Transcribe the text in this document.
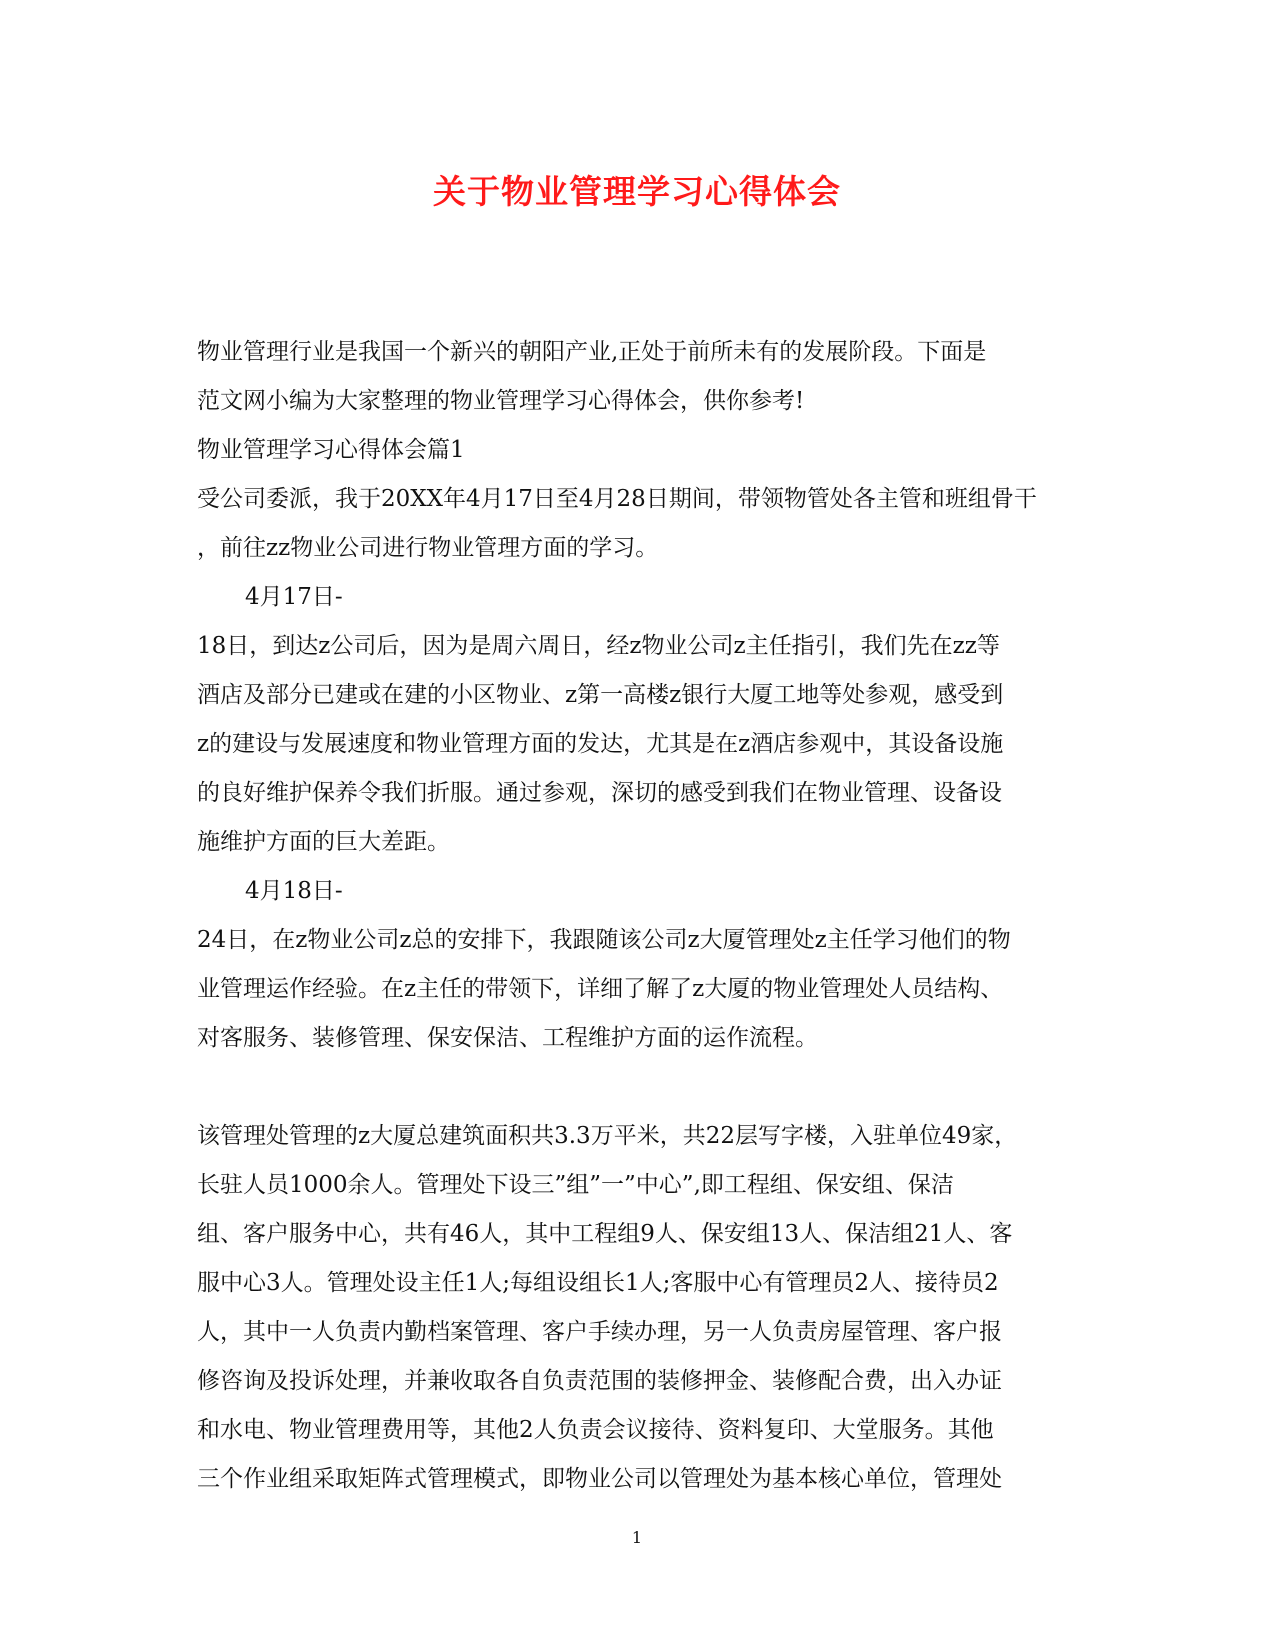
关于物业管理学习心得体会

物业管理行业是我国一个新兴的朝阳产业,正处于前所未有的发展阶段。下面是

范文网小编为大家整理的物业管理学习心得体会，供你参考!

物业管理学习心得体会篇1

受公司委派，我于20XX年4月17日至4月28日期间，带领物管处各主管和班组骨干

，前往zz物业公司进行物业管理方面的学习。

4月17日-

18日，到达z公司后，因为是周六周日，经z物业公司z主任指引，我们先在zz等

酒店及部分已建或在建的小区物业、z第一高楼z银行大厦工地等处参观，感受到

z的建设与发展速度和物业管理方面的发达，尤其是在z酒店参观中，其设备设施

的良好维护保养令我们折服。通过参观，深切的感受到我们在物业管理、设备设

施维护方面的巨大差距。

4月18日-

24日，在z物业公司z总的安排下，我跟随该公司z大厦管理处z主任学习他们的物

业管理运作经验。在z主任的带领下，详细了解了z大厦的物业管理处人员结构、

对客服务、装修管理、保安保洁、工程维护方面的运作流程。

该管理处管理的z大厦总建筑面积共3.3万平米，共22层写字楼，入驻单位49家，

长驻人员1000余人。管理处下设三”组”一”中心”,即工程组、保安组、保洁

组、客户服务中心，共有46人，其中工程组9人、保安组13人、保洁组21人、客

服中心3人。管理处设主任1人;每组设组长1人;客服中心有管理员2人、接待员2

人，其中一人负责内勤档案管理、客户手续办理，另一人负责房屋管理、客户报

修咨询及投诉处理，并兼收取各自负责范围的装修押金、装修配合费，出入办证

和水电、物业管理费用等，其他2人负责会议接待、资料复印、大堂服务。其他

三个作业组采取矩阵式管理模式，即物业公司以管理处为基本核心单位，管理处

1
